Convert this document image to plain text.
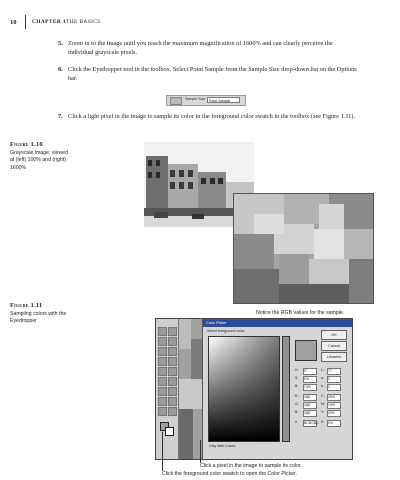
10	CHAPTER 1 THE BASICS
5. Zoom in to the image until you reach the maximum magnification of 1600% and can clearly perceive the individual grayscale pixels.
6. Click the Eyedropper tool in the toolbox. Select Point Sample from the Sample Size drop-down list on the Options bar.
Sample Size: Point Sample
7. Click a light pixel in the image to sample its color in the foreground color swatch in the toolbox (see Figure 1.11).
Figure 1.10
Grayscale image: viewed at (left) 100% and (right) 1600%
Figure 1.11
Sampling colors with the Eyedropper
Notice the RGB values for the sample.
Color Picker
Select foreground color:
OK
Cancel
Libraries
H: 0°	L: 77
S: 0%	a: 0
B: 74%	b: 0
R: 188	C: 25%
G: 188	M: 19%
B: 188	Y: 20%
# BCBCBC K: 0%
Only Web Colors
Click a pixel in the image to sample its color.
Click the foreground color swatch to open the Color Picker.
